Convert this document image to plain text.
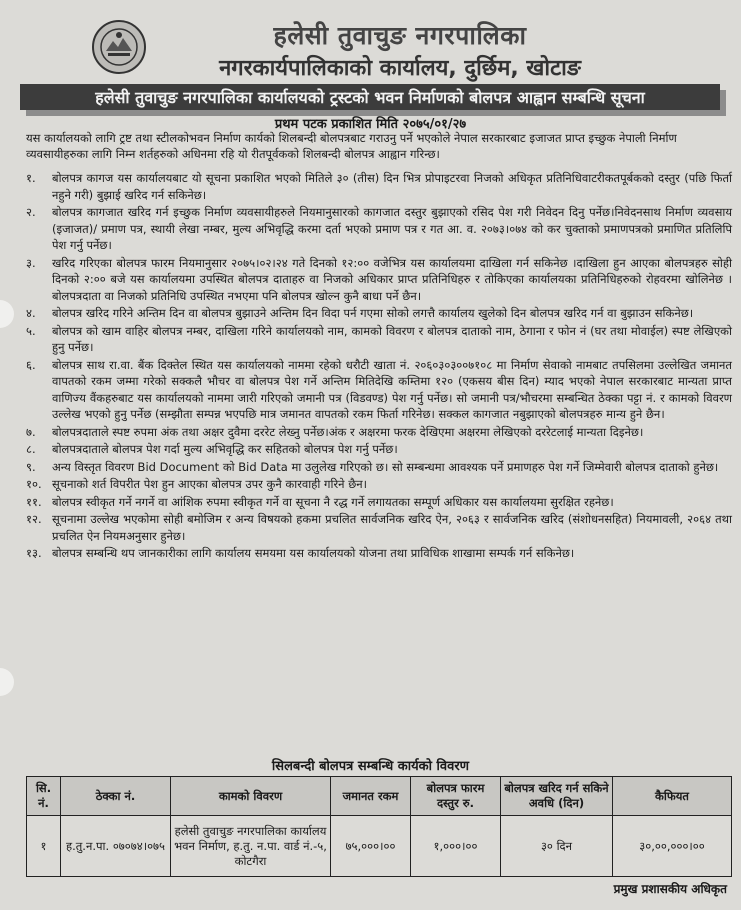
हलेसी तुवाचुङ नगरपालिका
नगरकार्यपालिकाको कार्यालय, दुर्छिम, खोटाङ
हलेसी तुवाचुङ नगरपालिका कार्यालयको ट्रस्टको भवन निर्माणको बोलपत्र आह्वान सम्बन्धि सूचना
प्रथम पटक प्रकाशित मिति २०७५/०१/२७
यस कार्यालयको लागि ट्रष्ट तथा स्टीलकोभवन निर्माण कार्यको शिलबन्दी बोलपत्रबाट गराउनु पर्ने भएकोले नेपाल सरकारबाट इजाजत प्राप्त इच्छुक नेपाली निर्माण व्यवसायीहरुका लागि निम्न शर्तहरुको अधिनमा रहि यो रीतपूर्वकको शिलबन्दी बोलपत्र आह्वान गरिन्छ।
१.	बोलपत्र कागज यस कार्यालयबाट यो सूचना प्रकाशित भएको मितिले ३० (तीस) दिन भित्र प्रोपाइटरवा निजको अधिकृत प्रतिनिधिवाटरीकतपूर्बकको दस्तुर (पछि फिर्ता नहुने गरी) बुझाई खरिद गर्न सकिनेछ।
२.	बोलपत्र कागजात खरिद गर्न इच्छुक निर्माण व्यवसायीहरुले नियमानुसारको कागजात दस्तुर बुझाएको रसिद पेश गरी निवेदन दिनु पर्नेछ।निवेदनसाथ निर्माण व्यवसाय (इजाजत)/ प्रमाण पत्र, स्थायी लेखा नम्बर, मुल्य अभिवृद्धि करमा दर्ता भएको प्रमाण पत्र र गत आ. व. २०७३।०७४ को कर चुक्ताको प्रमाणपत्रको प्रमाणित प्रतिलिपि पेश गर्नु पर्नेछ।
३.	खरिद गरिएका बोलपत्र फारम नियमानुसार २०७५।०२।२४ गते दिनको १२:०० वजेभित्र यस कार्यालयमा दाखिला गर्न सकिनेछ ।दाखिला हुन आएका बोलपत्रहरु सोही दिनको २:०० बजे यस कार्यालयमा उपस्थित बोलपत्र दाताहरु वा निजको अधिकार प्राप्त प्रतिनिधिहरु र तोकिएका कार्यालयका प्रतिनिधिहरुको रोहवरमा खोलिनेछ ।बोलपत्रदाता वा निजको प्रतिनिधि उपस्थित नभएमा पनि बोलपत्र खोल्न कुनै बाधा पर्ने छैन।
४.	बोलपत्र खरिद गरिने अन्तिम दिन वा बोलपत्र बुझाउने अन्तिम दिन विदा पर्न गएमा सोको लगत्तै कार्यालय खुलेको दिन बोलपत्र खरिद गर्न वा बुझाउन सकिनेछ।
५.	बोलपत्र को खाम वाहिर बोलपत्र नम्बर, दाखिला गरिने कार्यालयको नाम, कामको विवरण र बोलपत्र दाताको नाम, ठेगाना र फोन नं (घर तथा मोवाईल) स्पष्ट लेखिएको हुनु पर्नेछ।
६.	बोलपत्र साथ रा.वा. बैंक दिक्तेल स्थित यस कार्यालयको नाममा रहेको धरौटी खाता नं. २०६०३०३००७१०८ मा निर्माण सेवाको नामबाट तपसिलमा उल्लेखित जमानत वापतको रकम जम्मा गरेको सक्कलै भौचर वा बोलपत्र पेश गर्ने अन्तिम मितिदेखि कम्तिमा १२० (एकसय बीस दिन) म्याद भएको नेपाल सरकारबाट मान्यता प्राप्त वाणिज्य वैंकहरुबाट यस कार्यालयको नाममा जारी गरिएको जमानी पत्र (विडवण्ड) पेश गर्नु पर्नेछ। सो जमानी पत्र/भौचरमा सम्बन्धित ठेक्का पट्टा नं. र कामको विवरण उल्लेख भएको हुनु पर्नेछ (सम्झौता सम्पन्न भएपछि मात्र जमानत वापतको रकम फिर्ता गरिनेछ। सक्कल कागजात नबुझाएको बोलपत्रहरु मान्य हुने छैन।
७.	बोलपत्रदाताले स्पष्ट रुपमा अंक तथा अक्षर दुवैमा दररेट लेख्नु पर्नेछ।अंक र अक्षरमा फरक देखिएमा अक्षरमा लेखिएको दररेटलाई मान्यता दिइनेछ।
८.	बोलपत्रदाताले बोलपत्र पेश गर्दा मुल्य अभिवृद्धि कर सहितको बोलपत्र पेश गर्नु पर्नेछ।
९.	अन्य विस्तृत विवरण Bid Document को Bid Data मा उलुलेख गरिएको छ। सो सम्बन्धमा आवश्यक पर्ने प्रमाणहरु पेश गर्ने जिम्मेवारी बोलपत्र दाताको हुनेछ।
१०. सूचनाको शर्त विपरीत पेश हुन आएका बोलपत्र उपर कुनै कारवाही गरिने छैन।
११. बोलपत्र स्वीकृत गर्ने नगर्ने वा आंशिक रुपमा स्वीकृत गर्ने वा सूचना नै रद्ध गर्ने लगायतका सम्पूर्ण अधिकार यस कार्यालयमा सुरक्षित रहनेछ।
१२. सूचनामा उल्लेख भएकोमा सोही बमोजिम र अन्य विषयको हकमा प्रचलित सार्वजनिक खरिद ऐन, २०६३ र सार्वजनिक खरिद (संशोधनसहित) नियमावली, २०६४ तथा प्रचलित ऐन नियमअनुसार हुनेछ।
१३. बोलपत्र सम्बन्धि थप जानकारीका लागि कार्यालय समयमा यस कार्यालयको योजना तथा प्राविधिक शाखामा सम्पर्क गर्न सकिनेछ।
सिलबन्दी बोलपत्र सम्बन्धि कार्यको विवरण
सि. नं.	ठेक्का नं.	कामको विवरण	जमानत रकम	बोलपत्र फारम दस्तुर रु.	बोलपत्र खरिद गर्न सकिने अवधि (दिन)	कैफियत
१	ह.तु.न.पा. ०७०७४।०७५	हलेसी तुवाचुङ नगरपालिका कार्यालय भवन निर्माण, ह.तु. न.पा. वार्ड नं.-५, कोटगैरा	७५,०००।००	१,०००।००	३० दिन	३०,००,०००।००
प्रमुख प्रशासकीय अधिकृत
